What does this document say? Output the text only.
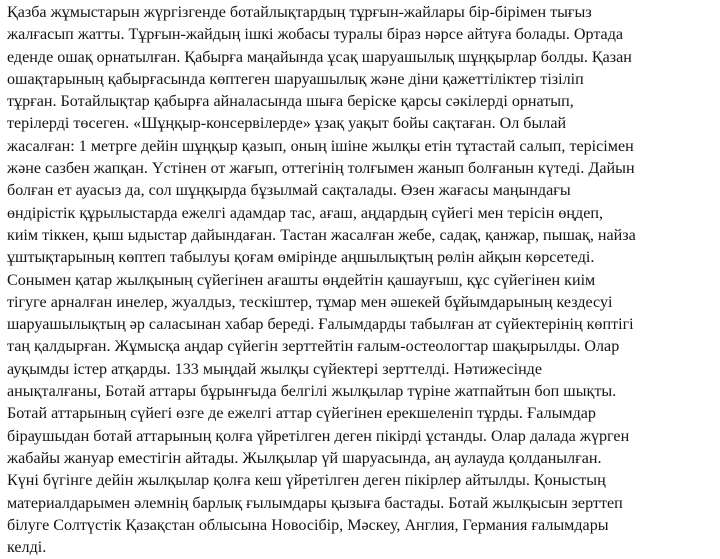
Қазба жұмыстарын жүргізгенде ботайлықтардың тұрғын-жайлары бір-бірімен тығыз
жалғасып жатты. Тұрғын-жайдың ішкі жобасы туралы біраз нәрсе айтуға болады. Ортада
еденде ошақ орнатылған. Қабырға маңайында ұсақ шаруашылық шұңқырлар болды. Қазан
ошақтарының қабырғасында көптеген шаруашылық және діни қажеттіліктер тізіліп
тұрған. Ботайлықтар қабырға айналасында шыға беріске қарсы сәкілерді орнатып,
терілерді төсеген. «Шұңқыр-консервілерде» ұзақ уақыт бойы сақтаған. Ол былай
жасалған: 1 метрге дейін шұңқыр қазып, оның ішіне жылқы етін тұтастай салып, терісімен
және сазбен жапқан. Үстінен от жағып, оттегінің толғымен жанып болғанын күтеді. Дайын
болған ет ауасыз да, сол шұңқырда бұзылмай сақталады. Өзен жағасы маңындағы
өндірістік құрылыстарда ежелгі адамдар тас, ағаш, аңдардың сүйегі мен терісін өңдеп,
киім тіккен, қыш ыдыстар дайындаған. Тастан жасалған жебе, садақ, қанжар, пышақ, найза
ұштықтарының көптеп табылуы қоғам өмірінде аңшылықтың рөлін айқын көрсетеді.
Сонымен қатар жылқының сүйегінен ағашты өңдейтін қашауғыш, құс сүйегінен киім
тігуге арналған инелер, жуалдыз, тескіштер, тұмар мен әшекей бұйымдарының кездесуі
шаруашылықтың әр саласынан хабар береді. Ғалымдарды табылған ат сүйектерінің көптігі
таң қалдырған. Жұмысқа аңдар сүйегін зерттейтін ғалым-остеологтар шақырылды. Олар
ауқымды істер атқарды. 133 мыңдай жылқы сүйектері зерттелді. Нәтижесінде
анықталғаны, Ботай аттары бұрынғыда белгілі жылқылар түріне жатпайтын боп шықты.
Ботай аттарының сүйегі өзге де ежелгі аттар сүйегінен ерекшеленіп тұрды. Ғалымдар
біраушыдан ботай аттарының қолға үйретілген деген пікірді ұстанды. Олар далада жүрген
жабайы жануар еместігін айтады. Жылқылар үй шаруасында, аң аулауда қолданылған.
Күні бүгінге дейін жылқылар қолға кеш үйретілген деген пікірлер айтылды. Қоныстың
материалдарымен әлемнің барлық ғылымдары қызыға бастады. Ботай жылқысын зерттеп
білуге Солтүстік Қазақстан облысына Новосібір, Мәскеу, Англия, Германия ғалымдары
келді.
